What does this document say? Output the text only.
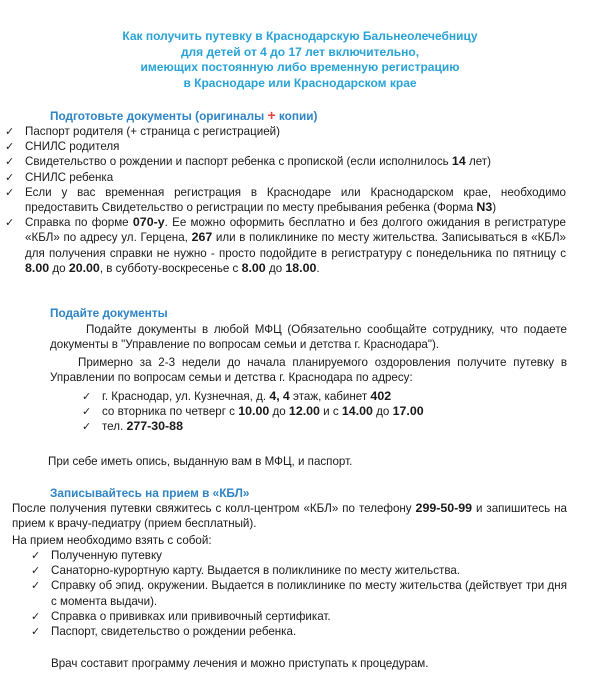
Как получить путевку в Краснодарскую Бальнеолечебницу
для детей от 4 до 17 лет включительно,
имеющих постоянную либо временную регистрацию
в Краснодаре или Краснодарском крае
Подготовьте документы (оригиналы + копии)
✓ Паспорт родителя (+ страница с регистрацией)
✓ СНИЛС родителя
✓ Свидетельство о рождении и паспорт ребенка с пропиской (если исполнилось 14 лет)
✓ СНИЛС ребенка
✓ Если у вас временная регистрация в Краснодаре или Краснодарском крае, необходимо предоставить Свидетельство о регистрации по месту пребывания ребенка (Форма N3)
✓ Справка по форме 070-у. Ее можно оформить бесплатно и без долгого ожидания в регистратуре «КБЛ» по адресу ул. Герцена, 267 или в поликлинике по месту жительства. Записываться в «КБЛ» для получения справки не нужно - просто подойдите в регистратуру с понедельника по пятницу с 8.00 до 20.00, в субботу-воскресенье с 8.00 до 18.00.
Подайте документы
Подайте документы в любой МФЦ (Обязательно сообщайте сотруднику, что подаете документы в "Управление по вопросам семьи и детства г. Краснодара").
Примерно за 2-3 недели до начала планируемого оздоровления получите путевку в Управлении по вопросам семьи и детства г. Краснодара по адресу:
✓ г. Краснодар, ул. Кузнечная, д. 4, 4 этаж, кабинет 402
✓ со вторника по четверг с 10.00 до 12.00 и с 14.00 до 17.00
✓ тел. 277-30-88
При себе иметь опись, выданную вам в МФЦ, и паспорт.
Записывайтесь на прием в «КБЛ»
После получения путевки свяжитесь с колл-центром «КБЛ» по телефону 299-50-99 и запишитесь на прием к врачу-педиатру (прием бесплатный).
На прием необходимо взять с собой:
✓ Полученную путевку
✓ Санаторно-курортную карту. Выдается в поликлинике по месту жительства.
✓ Справку об эпид. окружении. Выдается в поликлинике по месту жительства (действует три дня с момента выдачи).
✓ Справка о прививках или прививочный сертификат.
✓ Паспорт, свидетельство о рождении ребенка.
Врач составит программу лечения и можно приступать к процедурам.
